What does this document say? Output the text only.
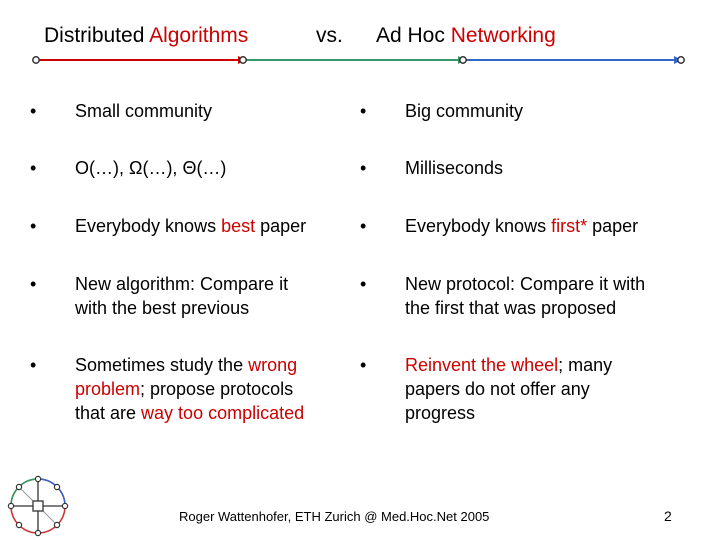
Distributed Algorithms	vs. Ad Hoc Networking
• Small community
• O(…), Ω(…), Θ(…)
• Everybody knows best paper
• New algorithm: Compare it
with the best previous
• Sometimes study the wrong
problem; propose protocols
that are way too complicated
• Big community
• Milliseconds
• Everybody knows first* paper
• New protocol: Compare it with
the first that was proposed
• Reinvent the wheel; many
papers do not offer any
progress
Roger Wattenhofer, ETH Zurich @ Med.Hoc.Net 2005	2
